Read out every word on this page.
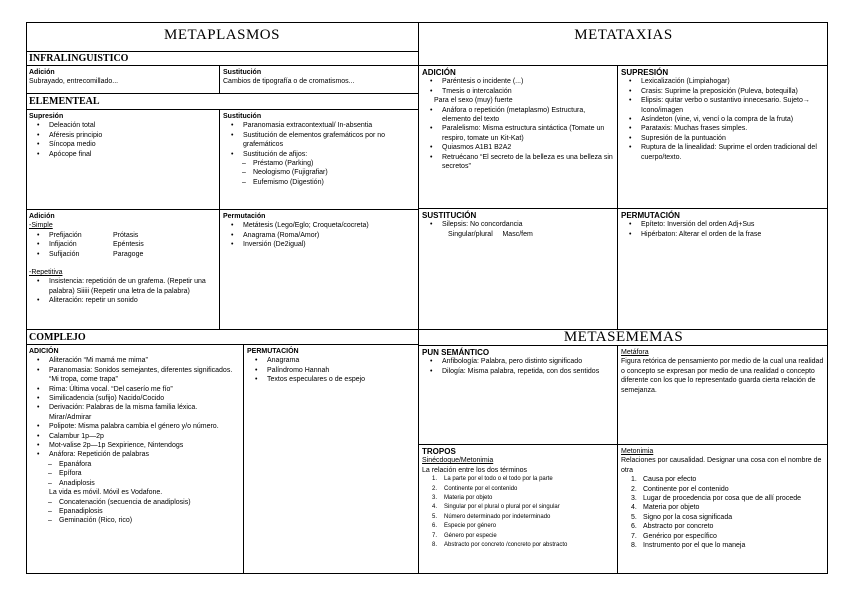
METAPLASMOS
INFRALINGUISTICO
Adición
Subrayado, entrecomillado...
Sustitución
Cambios de tipografía o de cromatismos...
ELEMENTEAL
Supresión
• Deleación total
• Aféresis principio
• Síncopa medio
• Apócope final
Sustitución
• Paranomasia extracontextual/ In-absentia
• Sustitución de elementos grafemáticos por no grafemáticos
• Sustitución de afijos:
– Préstamo (Parking)
– Neologismo (Fujigrafiar)
– Eufemismo (Digestión)
Adición
-Simple
• Prefijación	Prótasis
• Infijación	Epéntesis
• Sufijación	Paragoge
-Repetitiva
• Insistencia: repetición de un grafema. (Repetir una palabra) Siiiii (Repetir una letra de la palabra)
• Aliteración: repetir un sonido
Permutación
• Metátesis (Lego/Eglo; Croqueta/cocreta)
• Anagrama (Roma/Amor)
• Inversión (De2igual)
COMPLEJO
ADICIÓN
• Aliteración “Mi mamá me mima”
• Paranomasia: Sonidos semejantes, diferentes significados. “Mi tropa, come trapa”
• Rima: Última vocal. “Del caserío me fío”
• Similicadencia (sufijo) Nacido/Cocido
• Derivación: Palabras de la misma familia léxica. Mirar/Admirar
• Polipote: Misma palabra cambia el género y/o número.
• Calambur 1p—2p
• Mot-valise 2p—1p Sexpirience, Nintendogs
• Anáfora: Repetición de palabras
– Epanáfora
– Epífora
– Anadiplosis
La vida es móvil. Móvil es Vodafone.
– Concatenación (secuencia de anadiplosis)
– Epanadiplosis
– Geminación (Rico, rico)
PERMUTACIÓN
• Anagrama
• Palíndromo Hannah
• Textos especulares o de espejo
METATAXIAS
ADICIÓN
• Paréntesis o incidente (...)
• Tmesis o intercalación
Para el sexo (muy) fuerte
• Anáfora o repetición (metaplasmo) Estructura, elemento del texto
• Paralelismo: Misma estructura sintáctica (Tomate un respiro, tomate un Kit-Kat)
• Quiasmos A1B1 B2A2
• Retruécano “El secreto de la belleza es una belleza sin secretos”
SUPRESIÓN
• Lexicalización (Limpiahogar)
• Crasis: Suprime la preposición (Puleva, botequilla)
• Elipsis: quitar verbo o sustantivo innecesario. Sujeto→ Icono/imagen
• Asíndeton (vine, vi, vencí o la compra de la fruta)
• Parataxis: Muchas frases simples.
• Supresión de la puntuación
• Ruptura de la linealidad: Suprime el orden tradicional del cuerpo/texto.
SUSTITUCIÓN
• Silepsis: No concordancia
Singular/plural     Masc/fem
PERMUTACIÓN
• Epíteto: Inversión del orden Adj+Sus
• Hipérbaton: Alterar el orden de la frase
METASEMEMAS
PUN SEMÁNTICO
• Anfibología: Palabra, pero distinto significado
• Dilogía: Misma palabra, repetida, con dos sentidos
Metáfora
Figura retórica de pensamiento por medio de la cual una realidad o concepto se expresan por medio de una realidad o concepto diferente con los que lo representado guarda cierta relación de semejanza.
TROPOS
Sinécdoque/Metonimia
La relación entre los dos términos
1. La parte por el todo o el todo por la parte
2. Continente por el contenido
3. Materia por objeto
4. Singular por el plural o plural por el singular
5. Número determinado por indeterminado
6. Especie por género
7. Género por especie
8. Abstracto por concreto /concreto por abstracto
Metonimia
Relaciones por causalidad. Designar una cosa con el nombre de otra
1. Causa por efecto
2. Continente por el contenido
3. Lugar de procedencia por cosa que de allí procede
4. Materia por objeto
5. Signo por la cosa significada
6. Abstracto por concreto
7. Genérico por específico
8. Instrumento por el que lo maneja
